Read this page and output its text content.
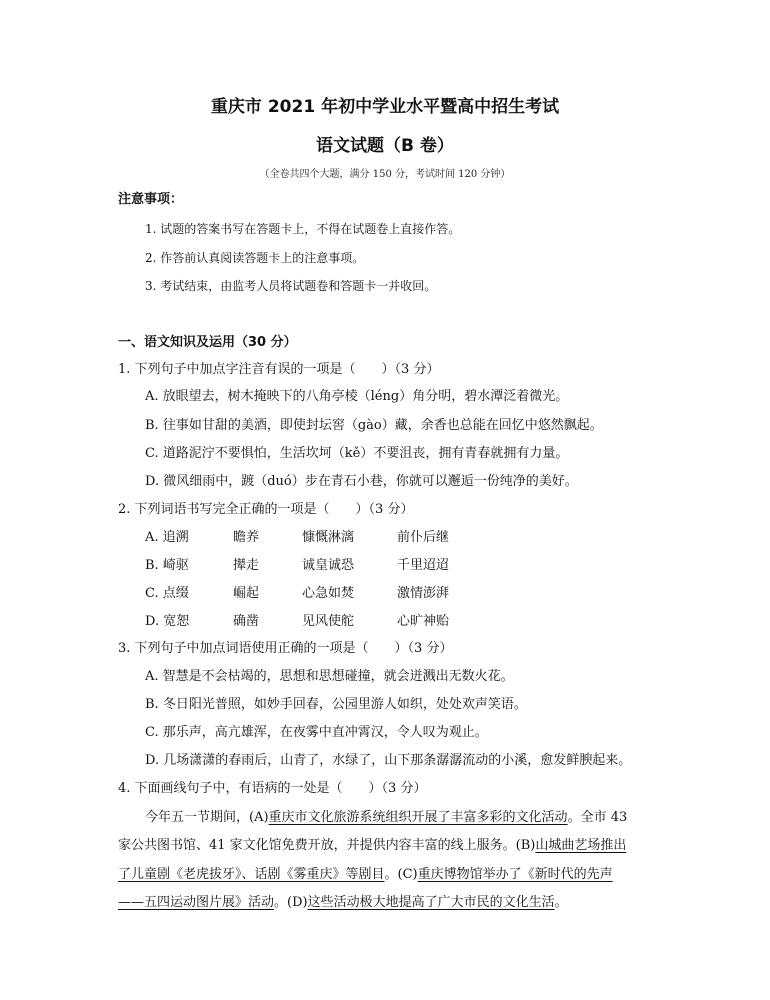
重庆市 2021 年初中学业水平暨高中招生考试
语文试题（B 卷）
（全卷共四个大题，满分 150 分，考试时间 120 分钟）
注意事项：
1. 试题的答案书写在答题卡上，不得在试题卷上直接作答。
2. 作答前认真阅读答题卡上的注意事项。
3. 考试结束，由监考人员将试题卷和答题卡一并收回。
一、语文知识及运用（30 分）
1. 下列句子中加点字注音有误的一项是（　　）（3 分）
A. 放眼望去，树木掩映下的八角亭棱（léng）角分明，碧水潭泛着微光。
B. 往事如甘甜的美酒，即使封坛窖（gào）藏，余香也总能在回忆中悠然飘起。
C. 道路泥泞不要惧怕，生活坎坷（kě）不要沮丧，拥有青春就拥有力量。
D. 微风细雨中，踱（duó）步在青石小巷，你就可以邂逅一份纯净的美好。
2. 下列词语书写完全正确的一项是（　　）（3 分）
A. 追溯	瞻养	慷慨淋漓	前仆后继
B. 崎驱	撵走	诚皇诚恐	千里迢迢
C. 点缀	崛起	心急如焚	激情澎湃
D. 宽恕	确凿	见风使舵	心旷神贻
3. 下列句子中加点词语使用正确的一项是（　　）（3 分）
A. 智慧是不会枯竭的，思想和思想碰撞，就会迸溅出无数火花。
B. 冬日阳光普照，如妙手回春，公园里游人如织，处处欢声笑语。
C. 那乐声，高亢雄浑，在夜雾中直冲霄汉，令人叹为观止。
D. 几场潇潇的春雨后，山青了，水绿了，山下那条潺潺流动的小溪，愈发鲜腴起来。
4. 下面画线句子中，有语病的一处是（　　）（3 分）
今年五一节期间，(A)重庆市文化旅游系统组织开展了丰富多彩的文化活动。全市 43
家公共图书馆、41 家文化馆免费开放，并提供内容丰富的线上服务。(B)山城曲艺场推出
了儿童剧《老虎拔牙》、话剧《雾重庆》等剧目。(C)重庆博物馆举办了《新时代的先声
——五四运动图片展》活动。(D)这些活动极大地提高了广大市民的文化生活。
